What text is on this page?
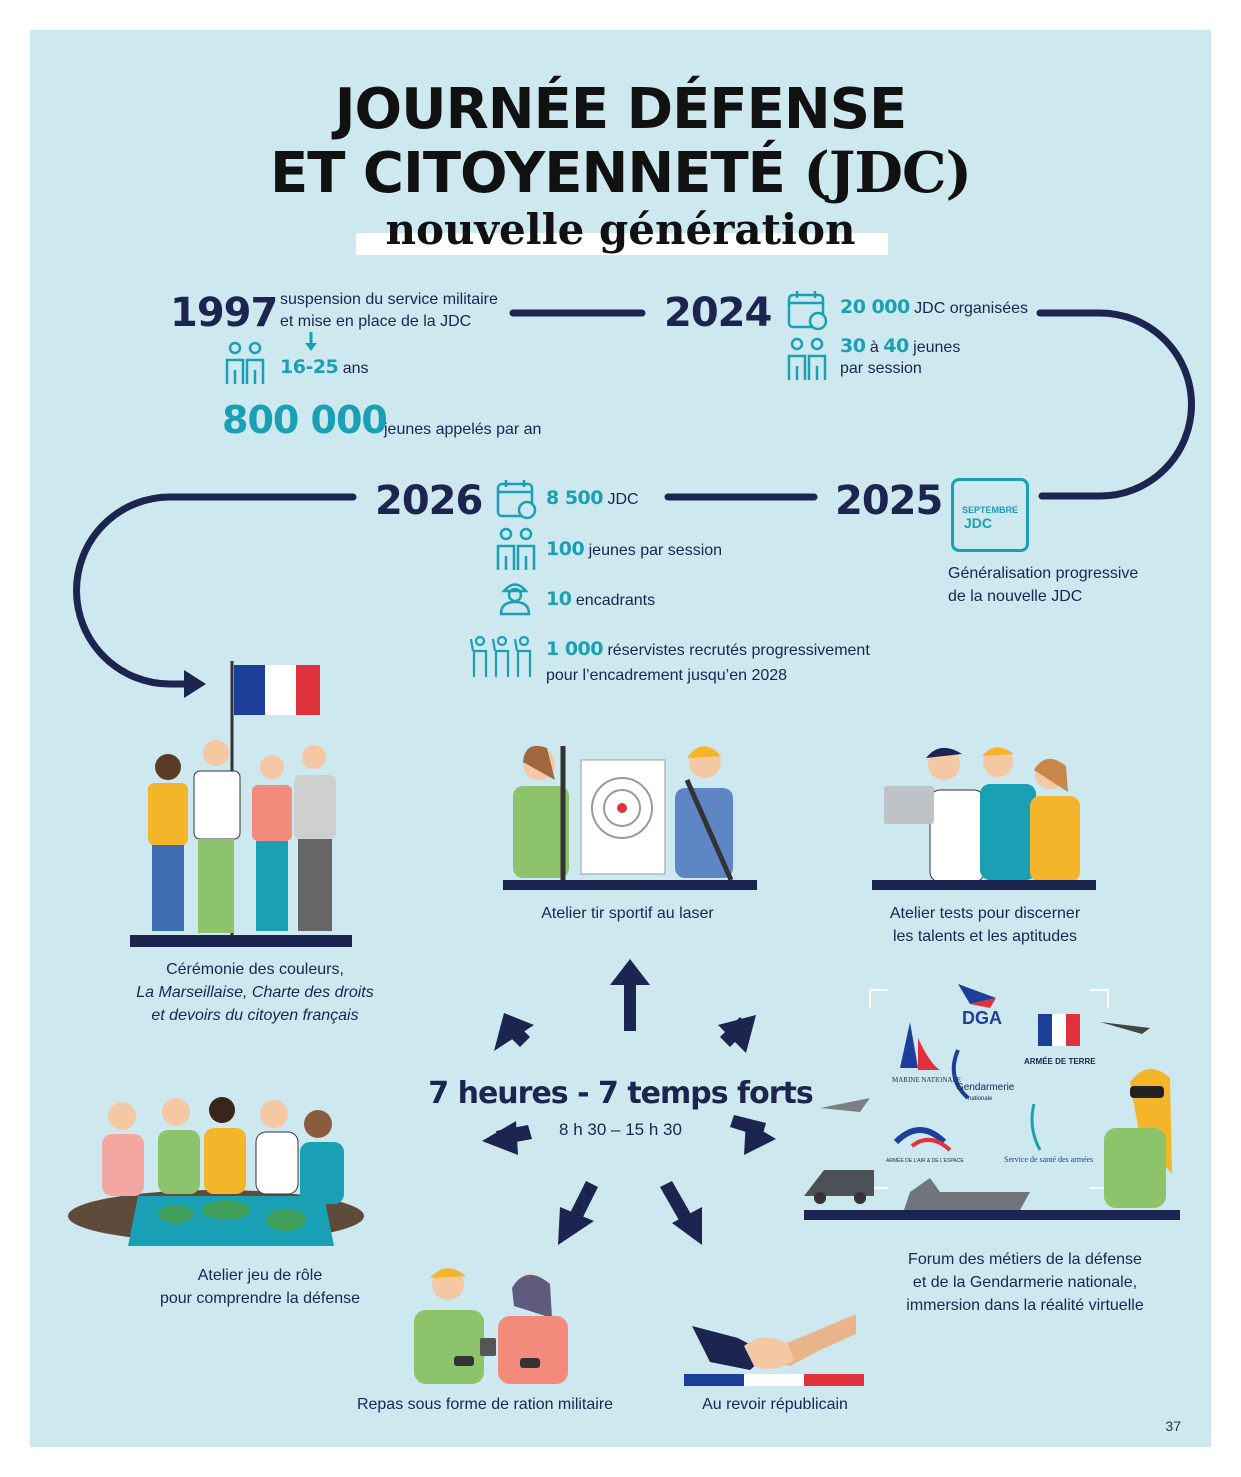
JOURNÉE DÉFENSE
ET CITOYENNETÉ (JDC)
nouvelle génération
1997 suspension du service militaire
et mise en place de la JDC
16-25 ans
800 000
jeunes appelés par an
2024	20 000 JDC organisées
30 à 40 jeunes
par session
2025	SEPTEMBRE
JDC
Généralisation progressive
de la nouvelle JDC
2026	8 500 JDC
100 jeunes par session
10 encadrants
1 000 réservistes recrutés progressivement
pour l’encadrement jusqu’en 2028
Cérémonie des couleurs,
La Marseillaise, Charte des droits
et devoirs du citoyen français
Atelier tir sportif au laser	Atelier tests pour discerner
les talents et les aptitudes
7 heures - 7 temps forts
8 h 30 – 15 h 30
DGA
ARMÉE DE TERRE
MARINE NATIONALE
Gendarmerie
nationale
ARMÉE DE L'AIR & DE L'ESPACE	Service de santé des armées
Forum des métiers de la défense
et de la Gendarmerie nationale,
immersion dans la réalité virtuelle
Atelier jeu de rôle
pour comprendre la défense
Repas sous forme de ration militaire	Au revoir républicain
37
